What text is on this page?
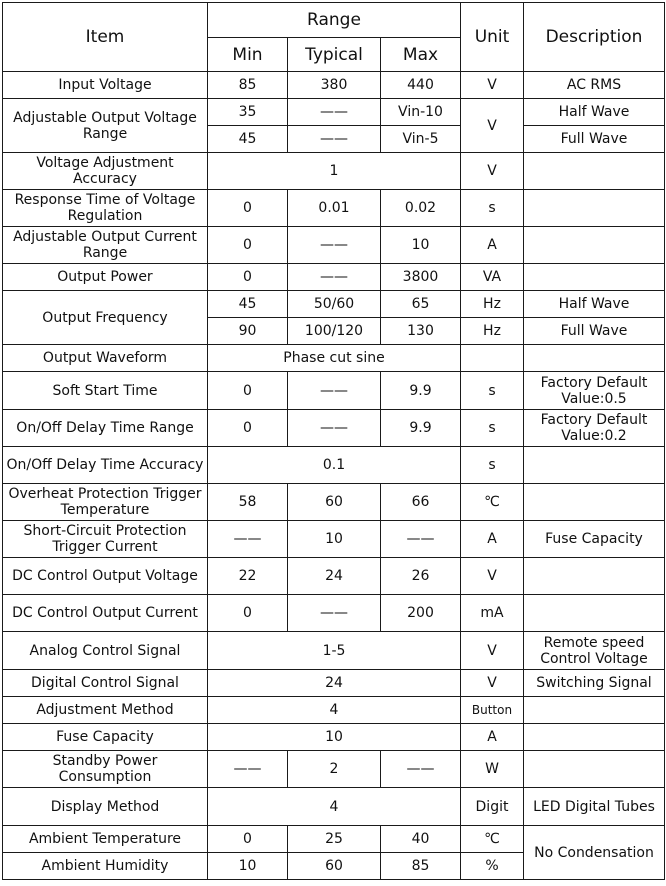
Item	Range			Unit	Description
	Min	Typical	Max		
Input Voltage	85	380	440	V	AC RMS
Adjustable Output Voltage Range	35	——	Vin-10	V	Half Wave
	45	——	Vin-5		Full Wave
Voltage Adjustment Accuracy	1			V	
Response Time of Voltage Regulation	0	0.01	0.02	s	
Adjustable Output Current Range	0	——	10	A	
Output Power	0	——	3800	VA	
Output Frequency	45	50/60	65	Hz	Half Wave
	90	100/120	130	Hz	Full Wave
Output Waveform	Phase cut sine				
Soft Start Time	0	——	9.9	s	Factory Default Value:0.5
On/Off Delay Time Range	0	——	9.9	s	Factory Default Value:0.2
On/Off Delay Time Accuracy	0.1			s	
Overheat Protection Trigger Temperature	58	60	66	℃	
Short-Circuit Protection Trigger Current	——	10	——	A	Fuse Capacity
DC Control Output Voltage	22	24	26	V	
DC Control Output Current	0	——	200	mA	
Analog Control Signal	1-5			V	Remote speed Control Voltage
Digital Control Signal	24			V	Switching Signal
Adjustment Method	4			Button	
Fuse Capacity	10			A	
Standby Power Consumption	——	2	——	W	
Display Method	4			Digit	LED Digital Tubes
Ambient Temperature	0	25	40	℃	No Condensation
Ambient Humidity	10	60	85	%	
